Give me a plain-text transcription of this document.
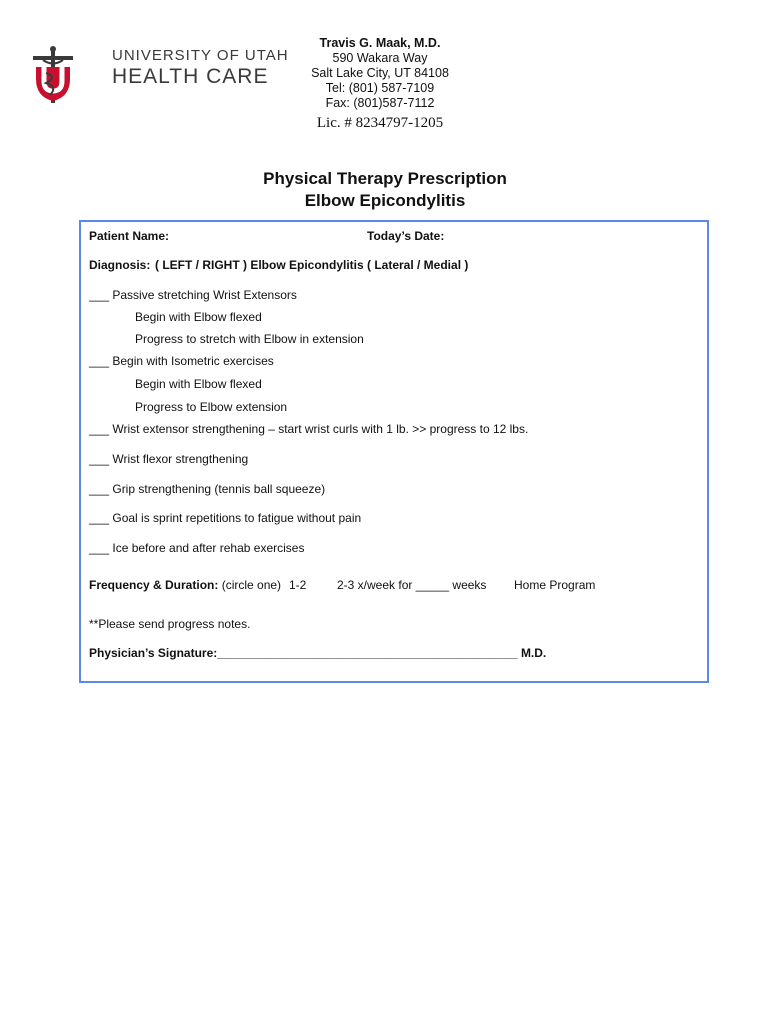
UNIVERSITY OF UTAH
HEALTH CARE
Travis G. Maak, M.D.
590 Wakara Way
Salt Lake City, UT 84108
Tel: (801) 587-7109
Fax: (801)587-7112
Lic. # 8234797-1205
Physical Therapy Prescription
Elbow Epicondylitis
Patient Name:	Today’s Date:
Diagnosis: ( LEFT / RIGHT ) Elbow Epicondylitis ( Lateral / Medial )
___ Passive stretching Wrist Extensors
Begin with Elbow flexed
Progress to stretch with Elbow in extension
___ Begin with Isometric exercises
Begin with Elbow flexed
Progress to Elbow extension
___ Wrist extensor strengthening – start wrist curls with 1 lb. >> progress to 12 lbs.
___ Wrist flexor strengthening
___ Grip strengthening (tennis ball squeeze)
___ Goal is sprint repetitions to fatigue without pain
___ Ice before and after rehab exercises
Frequency & Duration: (circle one) 1-2	2-3 x/week for _____ weeks Home Program
**Please send progress notes.
Physician’s Signature:_____________________________________________ M.D.
